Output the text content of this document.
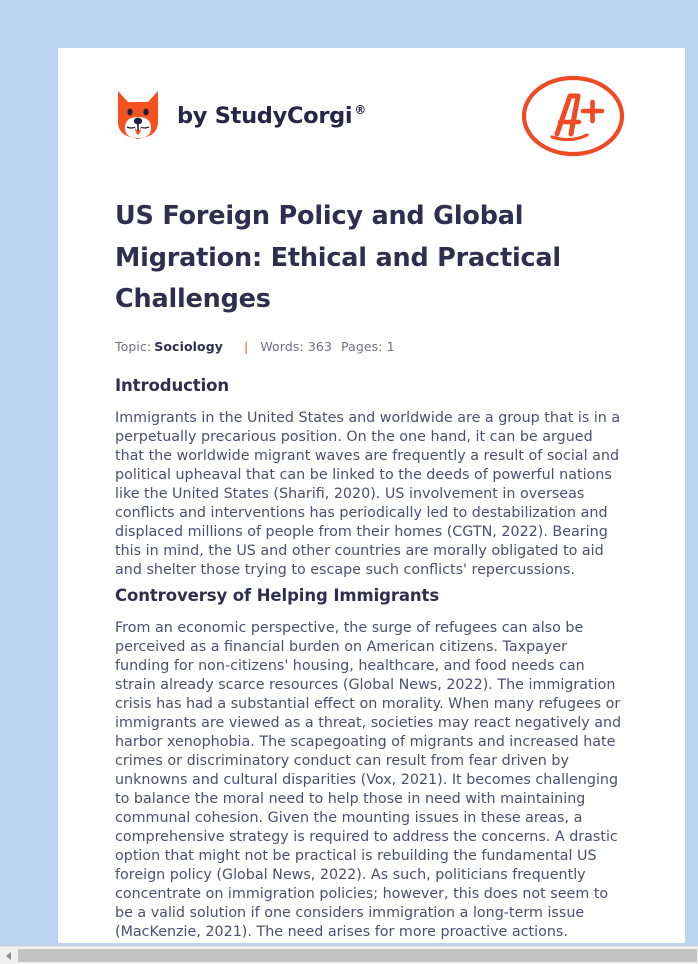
by StudyCorgi ®
US Foreign Policy and Global Migration: Ethical and Practical Challenges
Topic: Sociology | Words: 363 Pages: 1
Introduction

Immigrants in the United States and worldwide are a group that is in a perpetually precarious position. On the one hand, it can be argued that the worldwide migrant waves are frequently a result of social and political upheaval that can be linked to the deeds of powerful nations like the United States (Sharifi, 2020). US involvement in overseas conflicts and interventions has periodically led to destabilization and displaced millions of people from their homes (CGTN, 2022). Bearing this in mind, the US and other countries are morally obligated to aid and shelter those trying to escape such conflicts' repercussions.

Controversy of Helping Immigrants

From an economic perspective, the surge of refugees can also be perceived as a financial burden on American citizens. Taxpayer funding for non-citizens' housing, healthcare, and food needs can strain already scarce resources (Global News, 2022). The immigration crisis has had a substantial effect on morality. When many refugees or immigrants are viewed as a threat, societies may react negatively and harbor xenophobia. The scapegoating of migrants and increased hate crimes or discriminatory conduct can result from fear driven by unknowns and cultural disparities (Vox, 2021). It becomes challenging to balance the moral need to help those in need with maintaining communal cohesion. Given the mounting issues in these areas, a comprehensive strategy is required to address the concerns. A drastic option that might not be practical is rebuilding the fundamental US foreign policy (Global News, 2022). As such, politicians frequently concentrate on immigration policies; however, this does not seem to be a valid solution if one considers immigration a long-term issue (MacKenzie, 2021). The need arises for more proactive actions.
